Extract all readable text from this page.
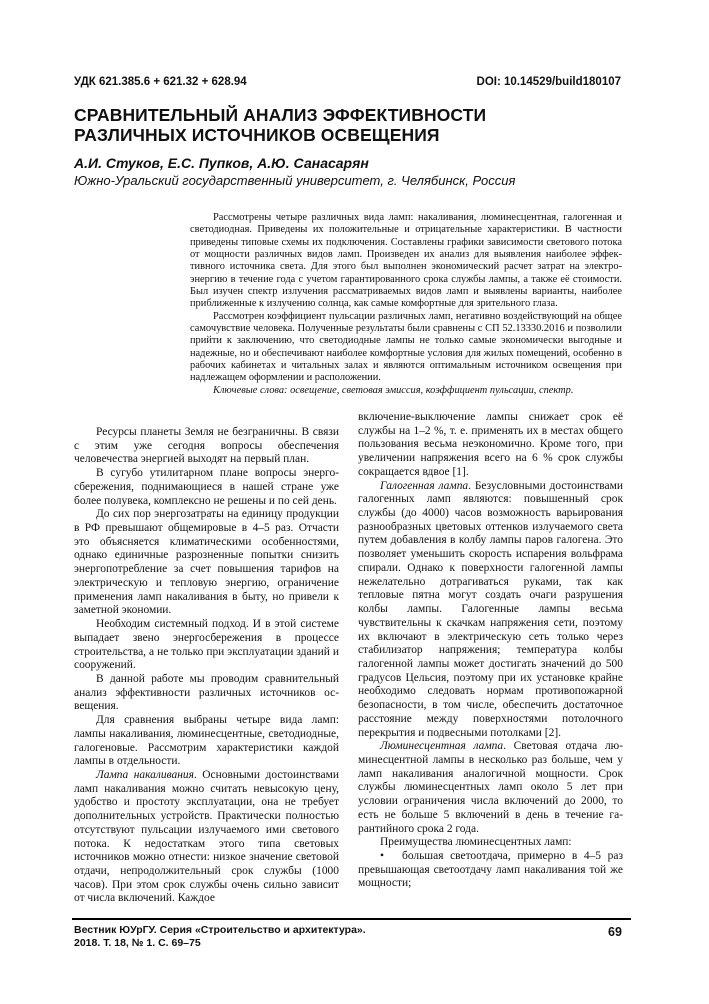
УДК 621.385.6 + 621.32 + 628.94	DOI: 10.14529/build180107
СРАВНИТЕЛЬНЫЙ АНАЛИЗ ЭФФЕКТИВНОСТИ
РАЗЛИЧНЫХ ИСТОЧНИКОВ ОСВЕЩЕНИЯ
А.И. Стуков, Е.С. Пупков, А.Ю. Санасарян
Южно-Уральский государственный университет, г. Челябинск, Россия

Рассмотрены четыре различных вида ламп: накаливания, люминесцентная, галогенная и светодиодная. Приведены их положительные и отрицательные характеристики. В частности приведены типовые схемы их подключения. Составлены графики зависимости светового потока от мощности различных видов ламп. Произведен их анализ для выявления наиболее эффективного источника света. Для этого был выполнен экономический расчет затрат на электроэнергию в течение года с учетом гарантированного срока службы лампы, а также её стоимости. Был изучен спектр излучения рассматриваемых видов ламп и выявлены варианты, наиболее приближенные к излучению солнца, как самые комфортные для зрительного глаза.

Рассмотрен коэффициент пульсации различных ламп, негативно воздействующий на общее самочувствие человека. Полученные результаты были сравнены с СП 52.13330.2016 и позволили прийти к заключению, что светодиодные лампы не только самые экономически выгодные и надежные, но и обеспечивают наиболее комфортные условия для жилых помещений, особенно в рабочих кабинетах и читальных залах и являются оптимальным источником освещения при надлежащем оформлении и расположении.

Ключевые слова: освещение, световая эмиссия, коэффициент пульсации, спектр.

Ресурсы планеты Земля не безграничны. В связи с этим уже сегодня вопросы обеспечения человечества энергией выходят на первый план.

В сугубо утилитарном плане вопросы энергосбережения, поднимающиеся в нашей стране уже более полувека, комплексно не решены и по сей день.

До сих пор энергозатраты на единицу продукции в РФ превышают общемировые в 4–5 раз. Отчасти это объясняется климатическими особенностями, однако единичные разрозненные попытки снизить энергопотребление за счет повышения тарифов на электрическую и тепловую энергию, ограничение применения ламп накаливания в быту, но привели к заметной экономии.

Необходим системный подход. И в этой системе выпадает звено энергосбережения в процессе строительства, а не только при эксплуатации зданий и сооружений.

В данной работе мы проводим сравнительный анализ эффективности различных источников освещения.

Для сравнения выбраны четыре вида ламп: лампы накаливания, люминесцентные, светодиодные, галогеновые. Рассмотрим характеристики каждой лампы в отдельности.

Лампа накаливания. Основными достоинствами ламп накаливания можно считать невысокую цену, удобство и простоту эксплуатации, она не требует дополнительных устройств. Практически полностью отсутствуют пульсации излучаемого ими светового потока. К недостаткам этого типа световых источников можно отнести: низкое значение световой отдачи, непродолжительный срок службы (1000 часов). При этом срок службы очень сильно зависит от числа включений. Каждое

включение-выключение лампы снижает срок её службы на 1–2 %, т. е. применять их в местах общего пользования весьма неэкономично. Кроме того, при увеличении напряжения всего на 6 % срок службы сокращается вдвое [1].

Галогенная лампа. Безусловными достоинствами галогенных ламп являются: повышенный срок службы (до 4000) часов возможность варьирования разнообразных цветовых оттенков излучаемого света путем добавления в колбу лампы паров галогена. Это позволяет уменьшить скорость испарения вольфрама спирали. Однако к поверхности галогенной лампы нежелательно дотрагиваться руками, так как тепловые пятна могут создать очаги разрушения колбы лампы. Галогенные лампы весьма чувствительны к скачкам напряжения сети, поэтому их включают в электрическую сеть только через стабилизатор напряжения; температура колбы галогенной лампы может достигать значений до 500 градусов Цельсия, поэтому при их установке крайне необходимо следовать нормам противопожарной безопасности, в том числе, обеспечить достаточное расстояние между поверхностями потолочного перекрытия и подвесными потолками [2].

Люминесцентная лампа. Световая отдача люминесцентной лампы в несколько раз больше, чем у ламп накаливания аналогичной мощности. Срок службы люминесцентных ламп около 5 лет при условии ограничения числа включений до 2000, то есть не больше 5 включений в день в течение гарантийного срока 2 года.

Преимущества люминесцентных ламп:

• большая светоотдача, примерно в 4–5 раз превышающая светоотдачу ламп накаливания той же мощности;

Вестник ЮУрГУ. Серия «Строительство и архитектура».
2018. Т. 18, № 1. С. 69–75
69
